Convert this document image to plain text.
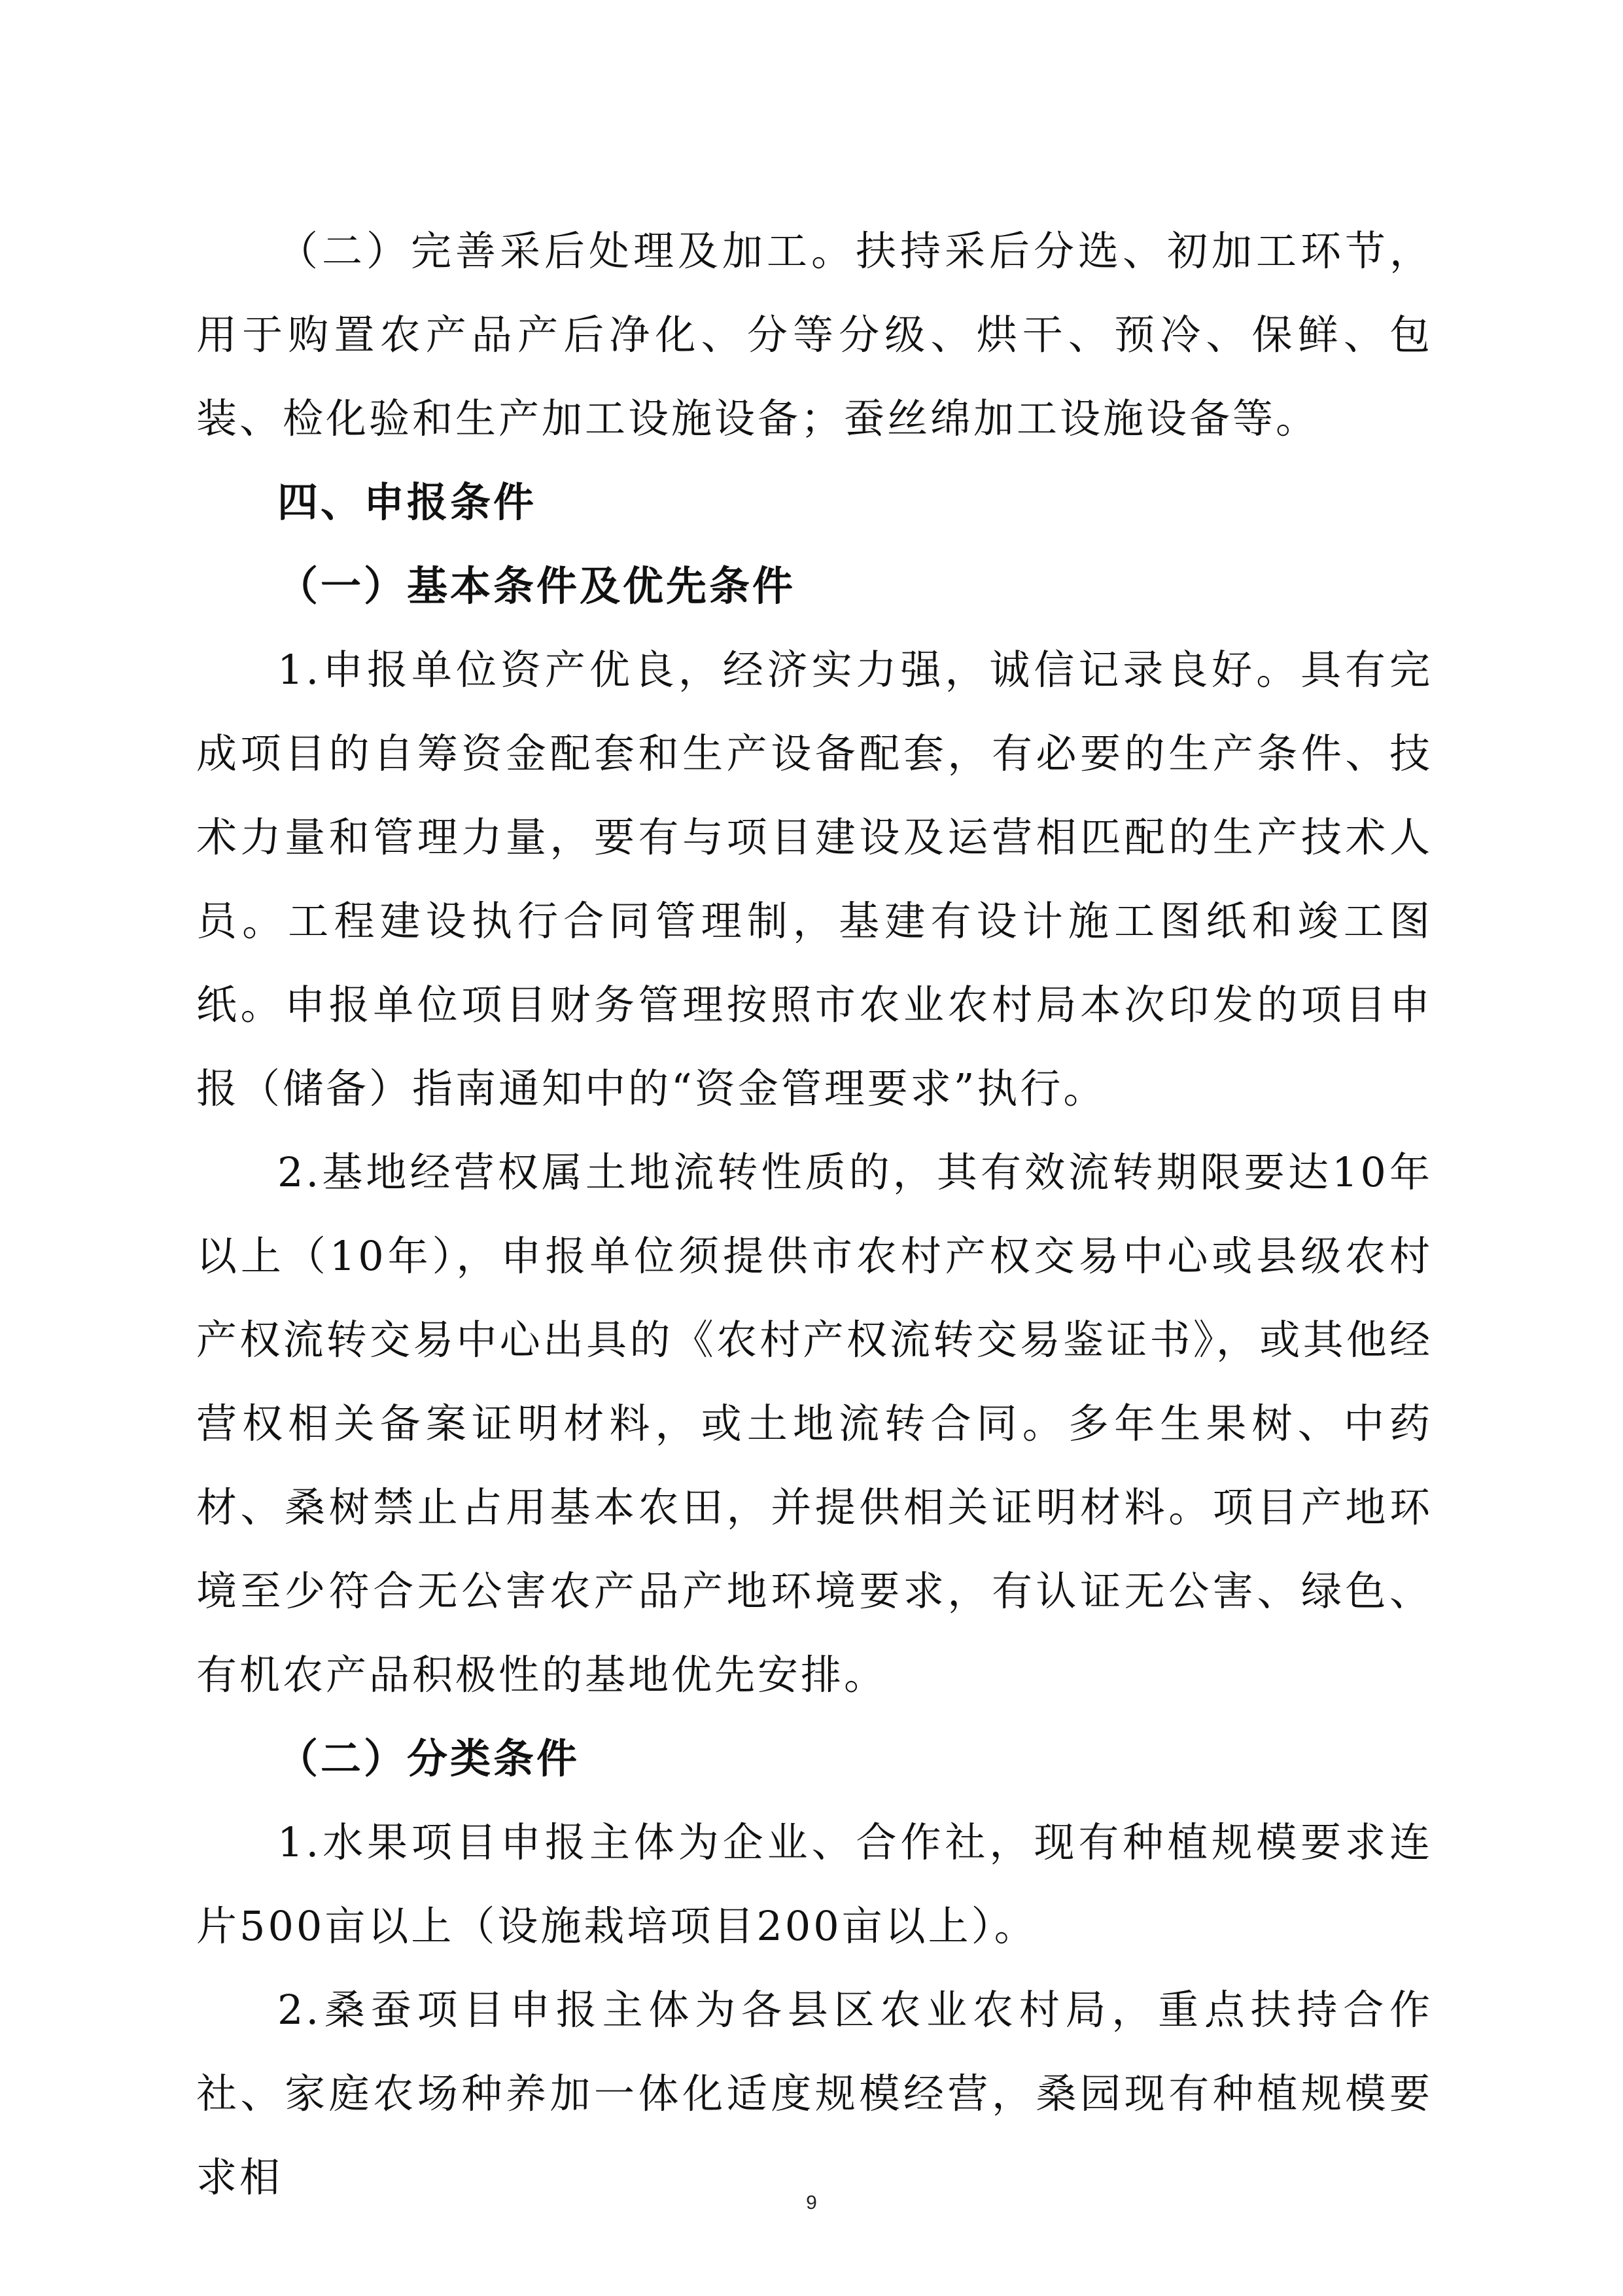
（二）完善采后处理及加工。扶持采后分选、初加工环节，用于购置农产品产后净化、分等分级、烘干、预冷、保鲜、包装、检化验和生产加工设施设备；蚕丝绵加工设施设备等。

四、申报条件

（一）基本条件及优先条件

1.申报单位资产优良，经济实力强，诚信记录良好。具有完成项目的自筹资金配套和生产设备配套，有必要的生产条件、技术力量和管理力量，要有与项目建设及运营相匹配的生产技术人员。工程建设执行合同管理制，基建有设计施工图纸和竣工图纸。申报单位项目财务管理按照市农业农村局本次印发的项目申报（储备）指南通知中的“资金管理要求”执行。

2.基地经营权属土地流转性质的，其有效流转期限要达10年以上（10年），申报单位须提供市农村产权交易中心或县级农村产权流转交易中心出具的《农村产权流转交易鉴证书》，或其他经营权相关备案证明材料，或土地流转合同。多年生果树、中药材、桑树禁止占用基本农田，并提供相关证明材料。项目产地环境至少符合无公害农产品产地环境要求，有认证无公害、绿色、有机农产品积极性的基地优先安排。

（二）分类条件

1.水果项目申报主体为企业、合作社，现有种植规模要求连片500亩以上（设施栽培项目200亩以上）。

2.桑蚕项目申报主体为各县区农业农村局，重点扶持合作社、家庭农场种养加一体化适度规模经营，桑园现有种植规模要求相

9
